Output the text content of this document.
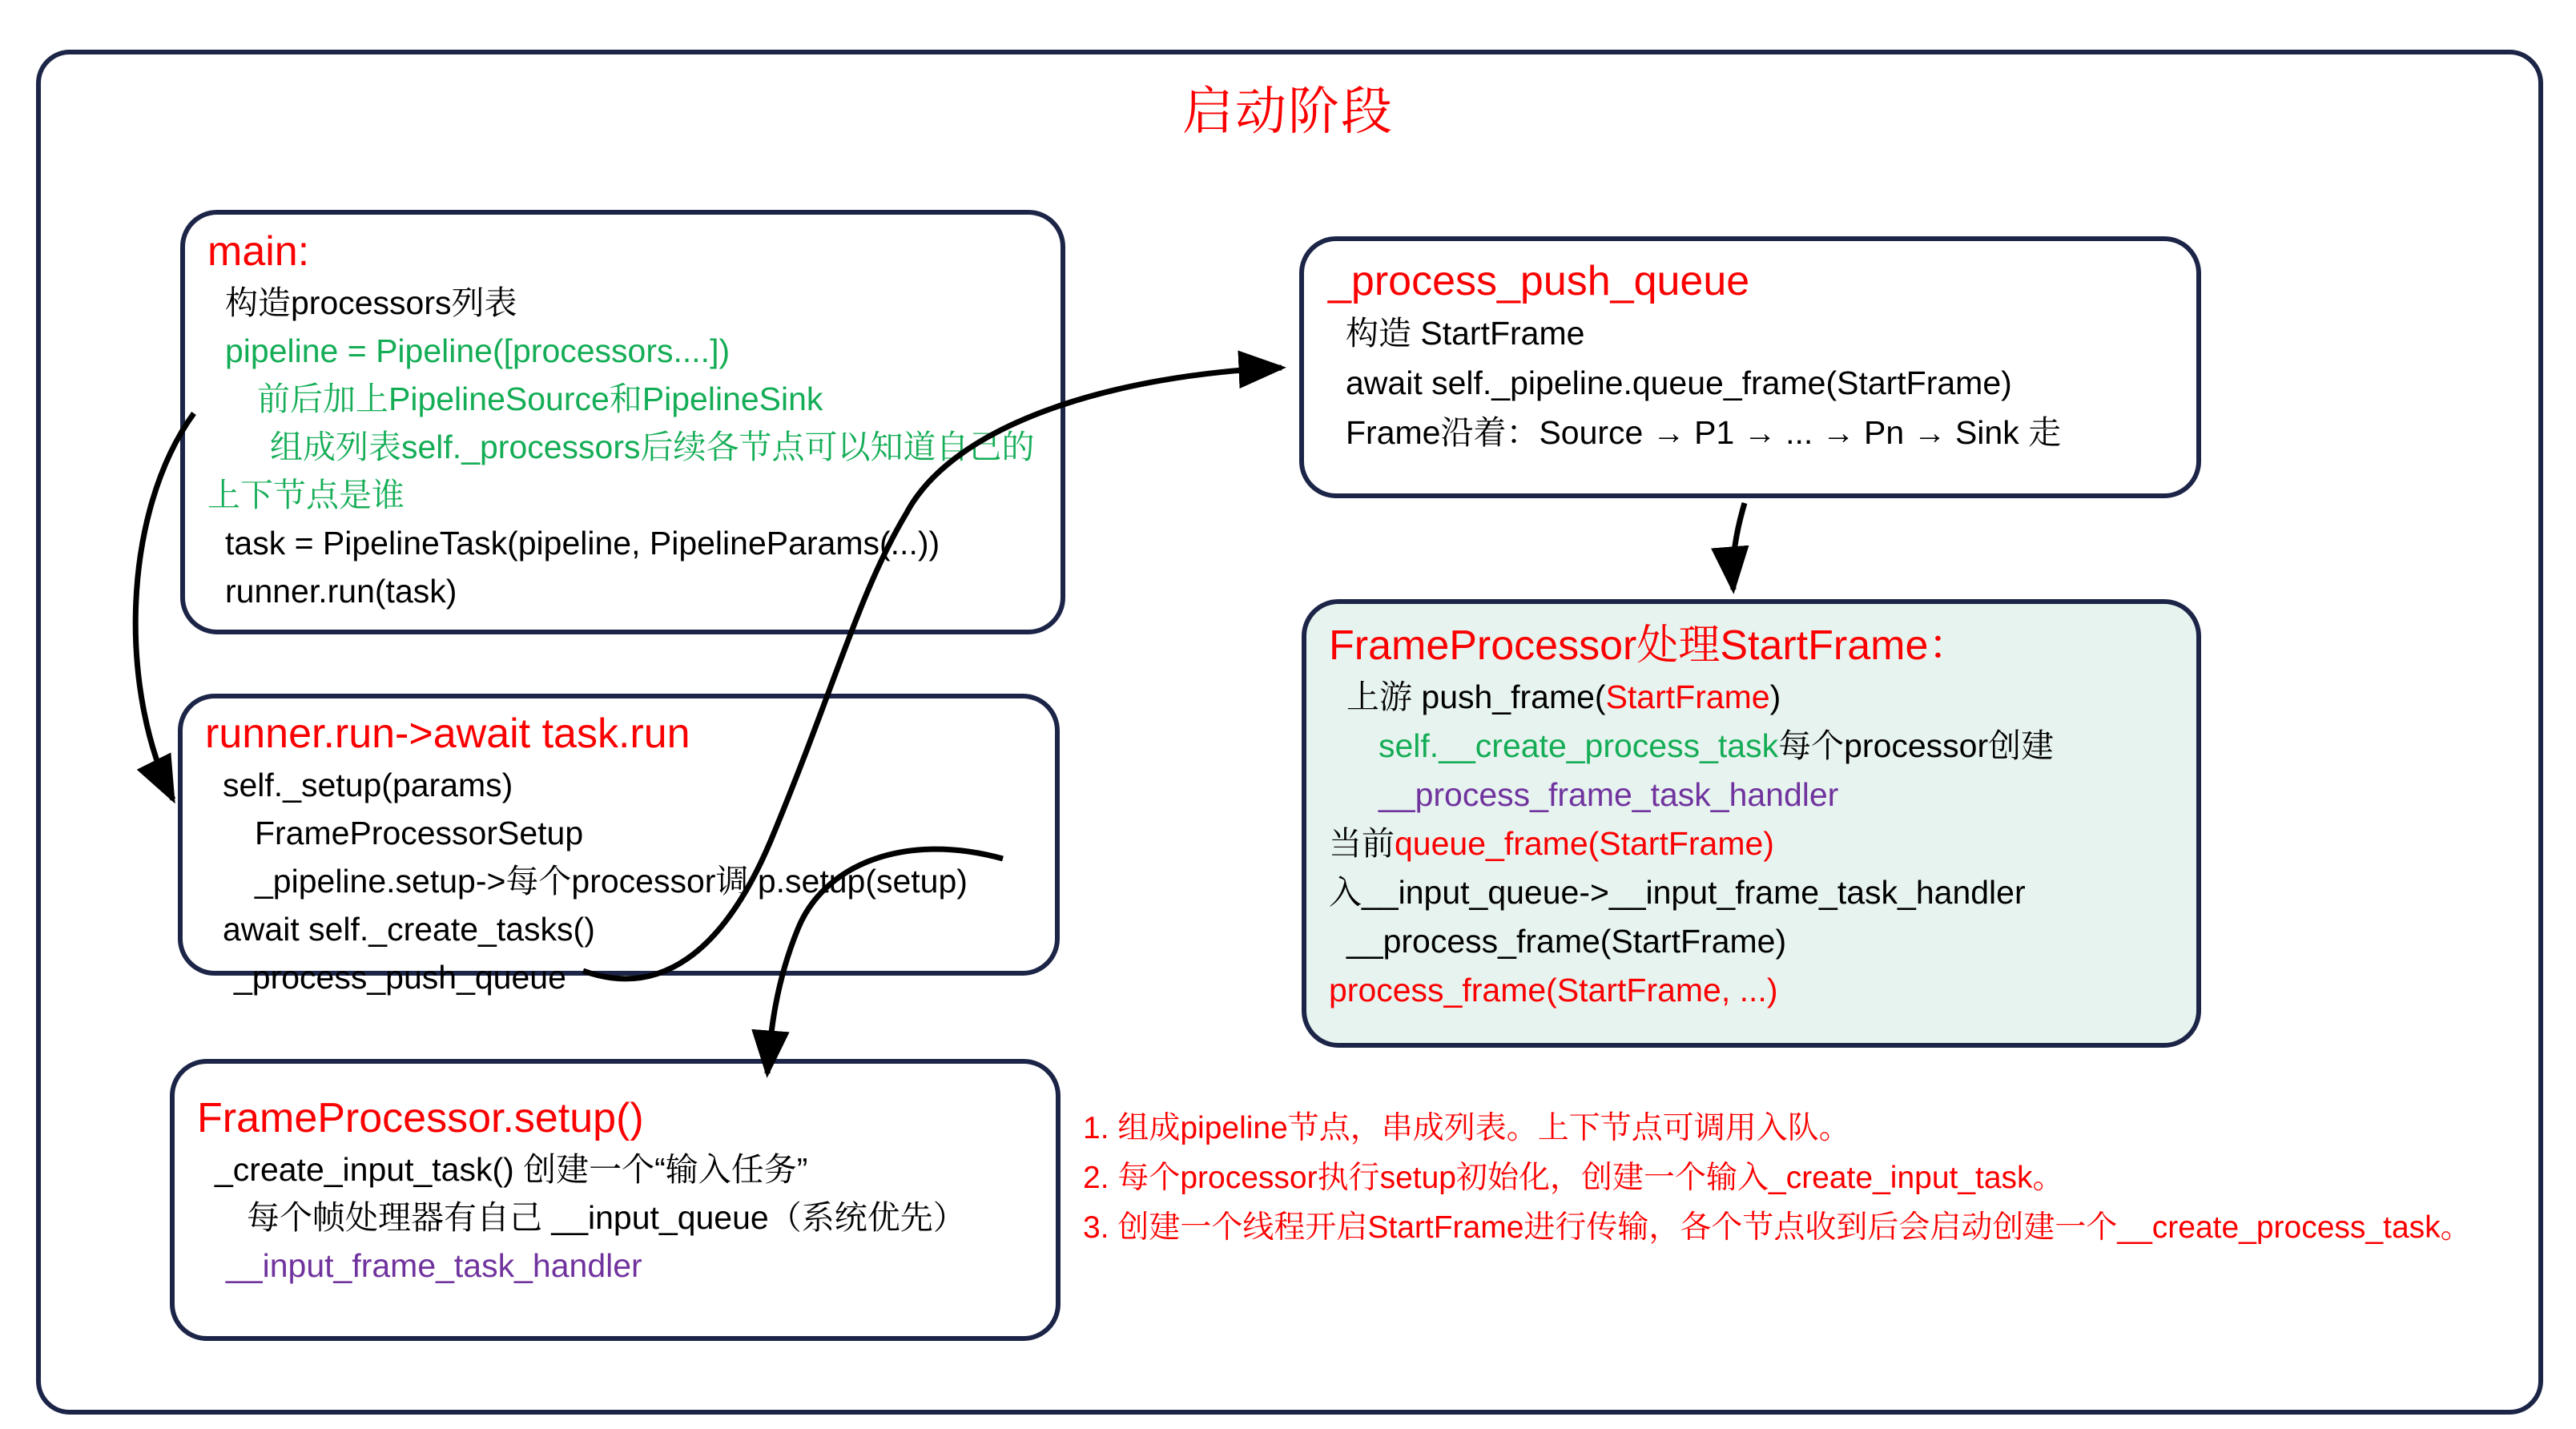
启动阶段
main:
构造processors列表
pipeline = Pipeline([processors....])
前后加上PipelineSource和PipelineSink
组成列表self._processors后续各节点可以知道自己的上下节点是谁
task = PipelineTask(pipeline, PipelineParams(...))
runner.run(task)
runner.run->await task.run
self._setup(params)
FrameProcessorSetup
_pipeline.setup->每个processor调 p.setup(setup)
await self._create_tasks()
_process_push_queue
FrameProcessor.setup()
_create_input_task() 创建一个“输入任务”
每个帧处理器有自己 __input_queue（系统优先）
__input_frame_task_handler
_process_push_queue
构造 StartFrame
await self._pipeline.queue_frame(StartFrame)
Frame沿着：Source → P1 → ... → Pn → Sink 走
FrameProcessor处理StartFrame：
上游 push_frame(StartFrame)
self.__create_process_task每个processor创建
__process_frame_task_handler
当前queue_frame(StartFrame)
入__input_queue->__input_frame_task_handler
__process_frame(StartFrame)
process_frame(StartFrame, ...)
1. 组成pipeline节点，串成列表。上下节点可调用入队。
2. 每个processor执行setup初始化，创建一个输入_create_input_task。
3. 创建一个线程开启StartFrame进行传输，各个节点收到后会启动创建一个__create_process_task。
